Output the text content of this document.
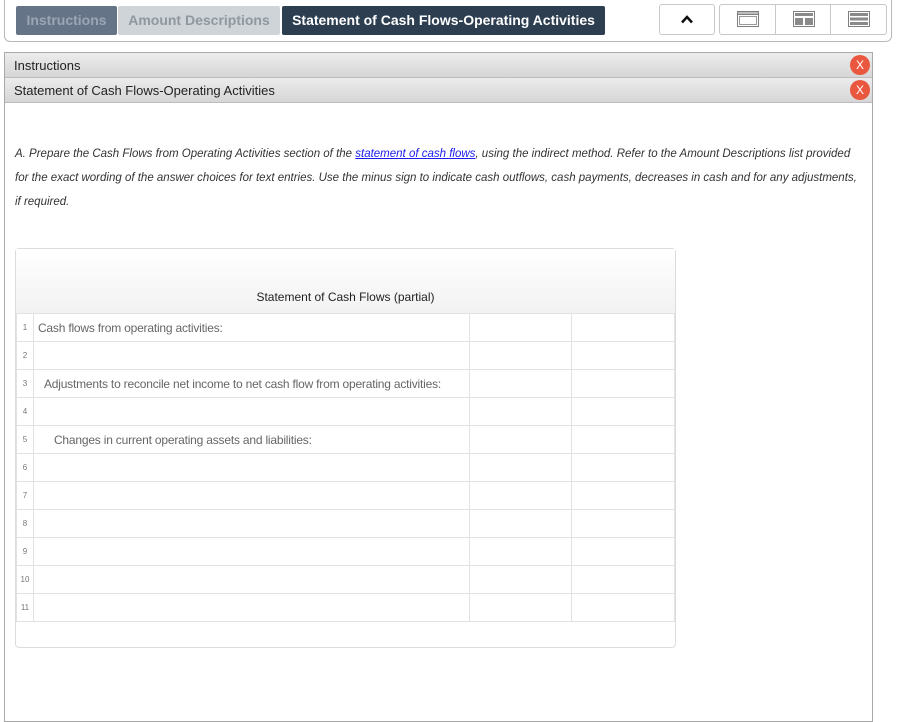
Instructions	Amount Descriptions	Statement of Cash Flows-Operating Activities
Instructions	X
Statement of Cash Flows-Operating Activities	X
A. Prepare the Cash Flows from Operating Activities section of the statement of cash flows, using the indirect method. Refer to the Amount Descriptions list provided for the exact wording of the answer choices for text entries. Use the minus sign to indicate cash outflows, cash payments, decreases in cash and for any adjustments, if required.
Statement of Cash Flows (partial)
1	Cash flows from operating activities:		
2			
3	Adjustments to reconcile net income to net cash flow from operating activities:		
4			
5	Changes in current operating assets and liabilities:		
6			
7			
8			
9			
10			
11			
